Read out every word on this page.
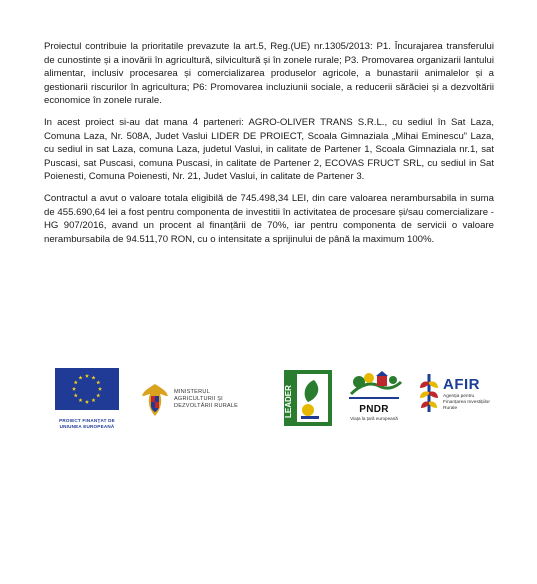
Proiectul contribuie la prioritatile prevazute la art.5, Reg.(UE) nr.1305/2013: P1. Încurajarea transferului de cunostinte și a inovării în agricultură, silvicultură și în zonele rurale; P3. Promovarea organizarii lantului alimentar, inclusiv procesarea și comercializarea produselor agricole, a bunastarii animalelor și a gestionarii riscurilor în agricultura; P6: Promovarea incluziunii sociale, a reducerii sărăciei și a dezvoltării economice în zonele rurale.

In acest proiect si-au dat mana 4 parteneri: AGRO-OLIVER TRANS S.R.L., cu sediul în Sat Laza, Comuna Laza, Nr. 508A, Judet Vaslui LIDER DE PROIECT, Scoala Gimnaziala „Mihai Eminescu” Laza, cu sediul in sat Laza, comuna Laza, judetul Vaslui, in calitate de Partener 1, Scoala Gimnaziala nr.1, sat Puscasi, sat Puscasi, comuna Puscasi, in calitate de Partener 2, ECOVAS FRUCT SRL, cu sediul in Sat Poienesti, Comuna Poienesti, Nr. 21, Judet Vaslui, in calitate de Partener 3.

Contractul a avut o valoare totala eligibilă de 745.498,34 LEI, din care valoarea nerambursabila in suma de 455.690,64 lei a fost pentru componenta de investitii în activitatea de procesare și/sau comercializare - HG 907/2016, avand un procent al finanțării de 70%, iar pentru componenta de servicii o valoare nerambursabila de 94.511,70 RON, cu o intensitate a sprijinului de până la maximum 100%.

PROIECT FINANȚAT DE UNIUNEA EUROPEANĂ
MINISTERUL AGRICULTURII ȘI DEZVOLTĂRII RURALE	LEADER	PNDR
Viața la țară europeană
AFIR
Agenția pentru Finanțarea Investițiilor Rurale
